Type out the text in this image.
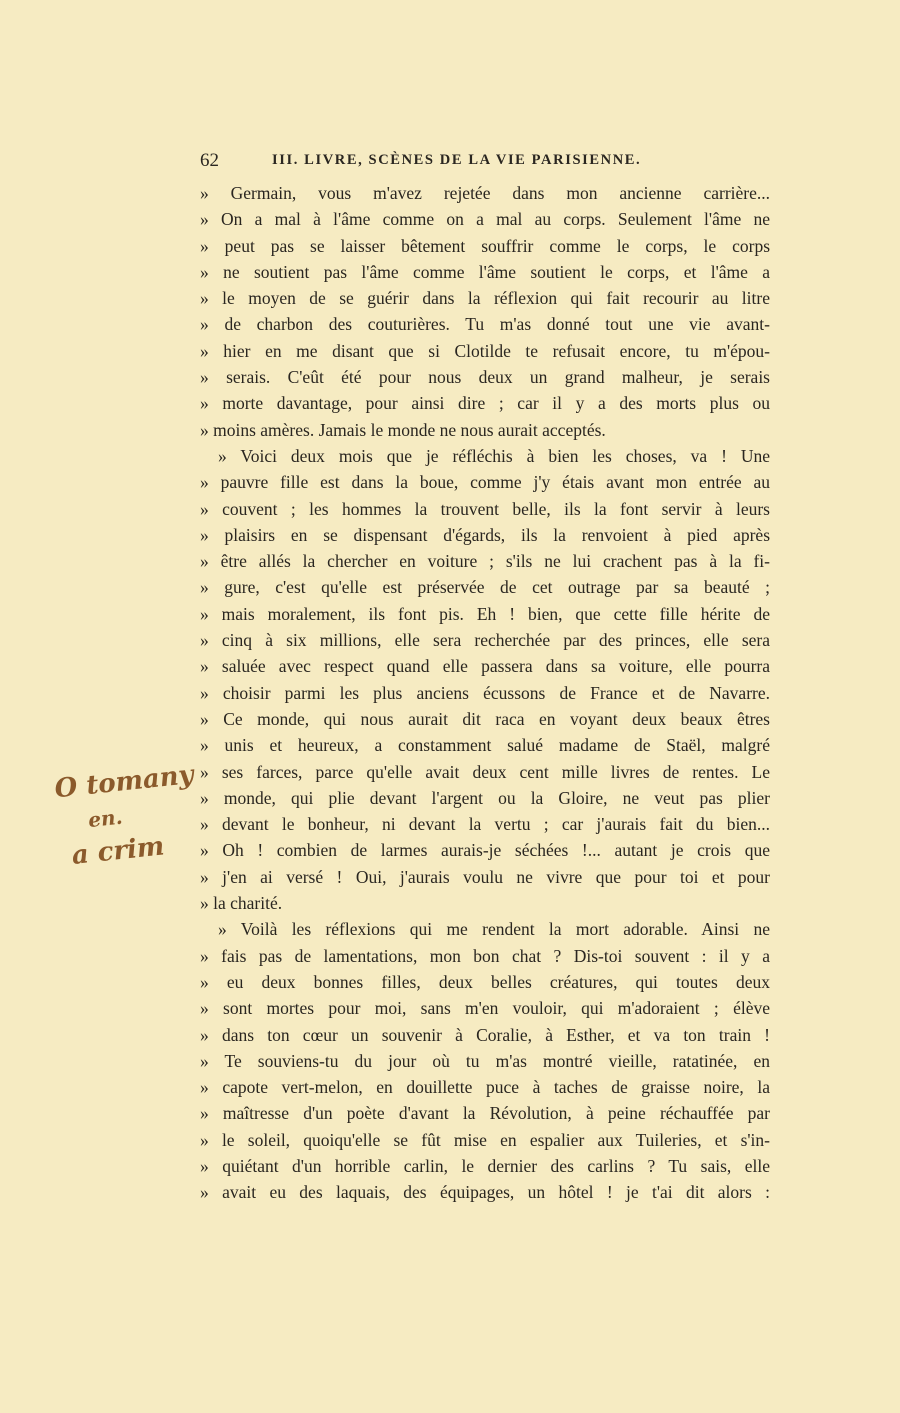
62	III. LIVRE, SCÈNES DE LA VIE PARISIENNE.
» Germain, vous m'avez rejetée dans mon ancienne carrière...
» On a mal à l'âme comme on a mal au corps. Seulement l'âme ne
» peut pas se laisser bêtement souffrir comme le corps, le corps
» ne soutient pas l'âme comme l'âme soutient le corps, et l'âme a
» le moyen de se guérir dans la réflexion qui fait recourir au litre
» de charbon des couturières. Tu m'as donné tout une vie avant-
» hier en me disant que si Clotilde te refusait encore, tu m'épou-
» serais. C'eût été pour nous deux un grand malheur, je serais
» morte davantage, pour ainsi dire ; car il y a des morts plus ou
» moins amères. Jamais le monde ne nous aurait acceptés.
» Voici deux mois que je réfléchis à bien les choses, va ! Une
» pauvre fille est dans la boue, comme j'y étais avant mon entrée au
» couvent ; les hommes la trouvent belle, ils la font servir à leurs
» plaisirs en se dispensant d'égards, ils la renvoient à pied après
» être allés la chercher en voiture ; s'ils ne lui crachent pas à la fi-
» gure, c'est qu'elle est préservée de cet outrage par sa beauté ;
» mais moralement, ils font pis. Eh ! bien, que cette fille hérite de
» cinq à six millions, elle sera recherchée par des princes, elle sera
» saluée avec respect quand elle passera dans sa voiture, elle pourra
» choisir parmi les plus anciens écussons de France et de Navarre.
» Ce monde, qui nous aurait dit raca en voyant deux beaux êtres
» unis et heureux, a constamment salué madame de Staël, malgré
» ses farces, parce qu'elle avait deux cent mille livres de rentes. Le
» monde, qui plie devant l'argent ou la Gloire, ne veut pas plier
» devant le bonheur, ni devant la vertu ; car j'aurais fait du bien...
» Oh ! combien de larmes aurais-je séchées !... autant je crois que
» j'en ai versé ! Oui, j'aurais voulu ne vivre que pour toi et pour
» la charité.
» Voilà les réflexions qui me rendent la mort adorable. Ainsi ne
» fais pas de lamentations, mon bon chat ? Dis-toi souvent : il y a
» eu deux bonnes filles, deux belles créatures, qui toutes deux
» sont mortes pour moi, sans m'en vouloir, qui m'adoraient ; élève
» dans ton cœur un souvenir à Coralie, à Esther, et va ton train !
» Te souviens-tu du jour où tu m'as montré vieille, ratatinée, en
» capote vert-melon, en douillette puce à taches de graisse noire, la
» maîtresse d'un poète d'avant la Révolution, à peine réchauffée par
» le soleil, quoiqu'elle se fût mise en espalier aux Tuileries, et s'in-
» quiétant d'un horrible carlin, le dernier des carlins ? Tu sais, elle
» avait eu des laquais, des équipages, un hôtel ! je t'ai dit alors :
O tomany
en.
a crim
